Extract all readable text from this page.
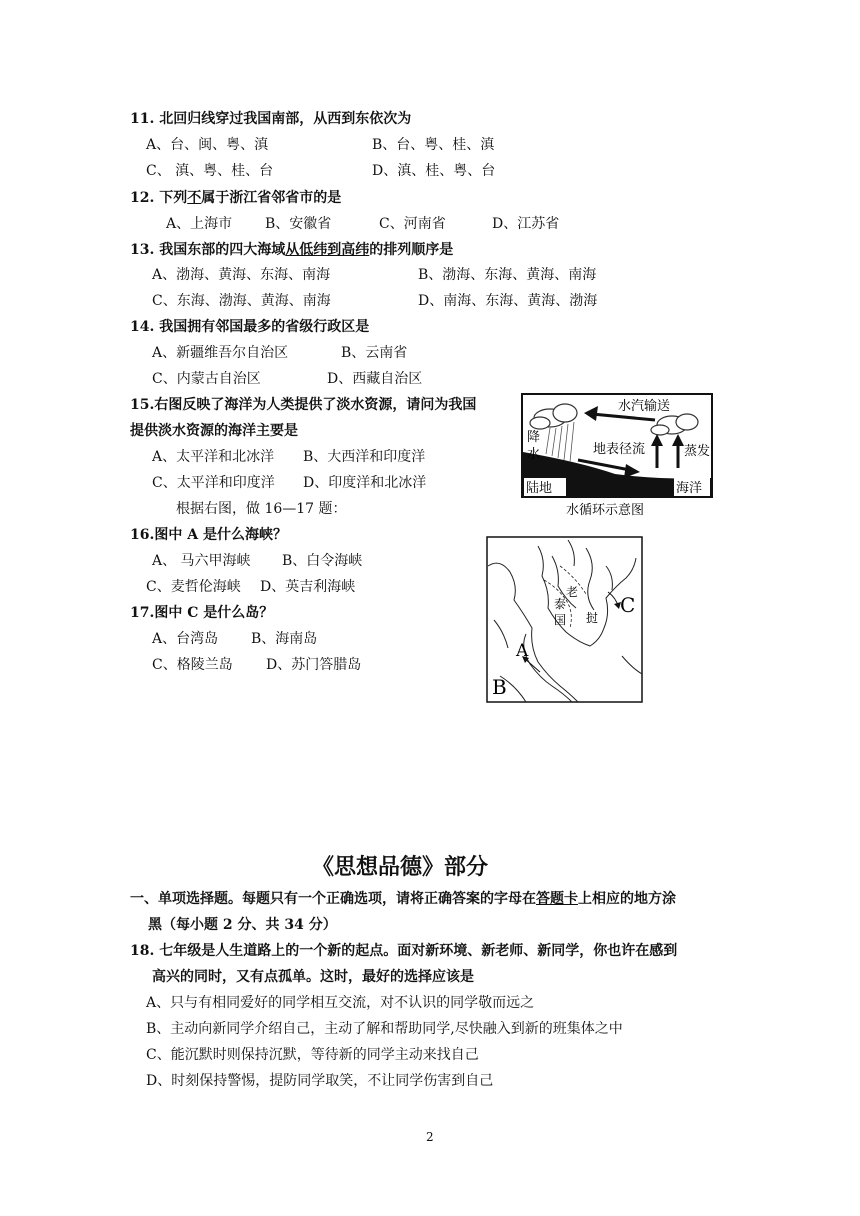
11. 北回归线穿过我国南部，从西到东依次为
A、台、闽、粤、滇	B、台、粤、桂、滇
C、 滇、粤、桂、台	D、滇、桂、粤、台
12. 下列不属于浙江省邻省市的是
A、上海市 B、安徽省	C、河南省	D、江苏省
13. 我国东部的四大海域从低纬到高纬的排列顺序是
A、渤海、黄海、东海、南海	B、渤海、东海、黄海、南海
C、东海、渤海、黄海、南海	D、南海、东海、黄海、渤海
14. 我国拥有邻国最多的省级行政区是
A、新疆维吾尔自治区	B、云南省
C、内蒙古自治区	D、西藏自治区
15.右图反映了海洋为人类提供了淡水资源，请问为我国
提供淡水资源的海洋主要是
A、太平洋和北冰洋 B、大西洋和印度洋
C、太平洋和印度洋 D、印度洋和北冰洋
水汽输送
降
水	地表径流	蒸发
陆地	海洋
水循环示意图
根据右图，做 16—17 题：
16.图中 A 是什么海峡？
A、 马六甲海峡 B、白令海峡
C、麦哲伦海峡 D、英吉利海峡
17.图中 C 是什么岛？
A、台湾岛 B、海南岛
C、格陵兰岛 D、苏门答腊岛
A
B
C
老
挝
泰
国
《思想品德》部分
一、单项选择题。每题只有一个正确选项，请将正确答案的字母在答题卡上相应的地方涂
黑（每小题 2 分、共 34 分）
18. 七年级是人生道路上的一个新的起点。面对新环境、新老师、新同学，你也许在感到
高兴的同时，又有点孤单。这时，最好的选择应该是
A、只与有相同爱好的同学相互交流，对不认识的同学敬而远之
B、主动向新同学介绍自己，主动了解和帮助同学,尽快融入到新的班集体之中
C、能沉默时则保持沉默，等待新的同学主动来找自己
D、时刻保持警惕，提防同学取笑，不让同学伤害到自己
2
